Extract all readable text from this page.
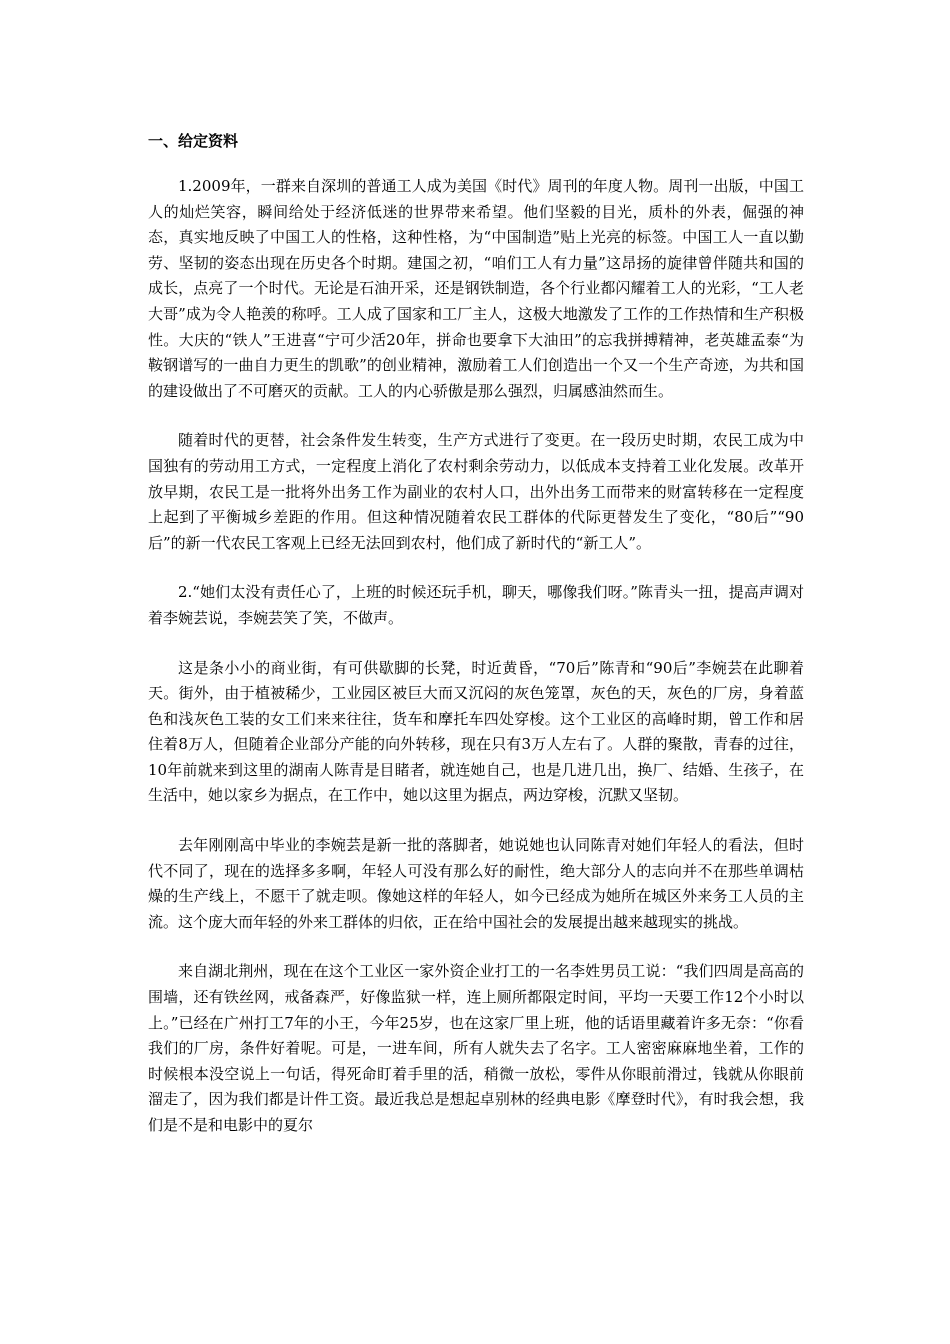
一、给定资料

1.2009年，一群来自深圳的普通工人成为美国《时代》周刊的年度人物。周刊一出版，中国工人的灿烂笑容，瞬间给处于经济低迷的世界带来希望。他们坚毅的目光，质朴的外表，倔强的神态，真实地反映了中国工人的性格，这种性格，为“中国制造”贴上光亮的标签。中国工人一直以勤劳、坚韧的姿态出现在历史各个时期。建国之初，“咱们工人有力量”这昂扬的旋律曾伴随共和国的成长，点亮了一个时代。无论是石油开采，还是钢铁制造，各个行业都闪耀着工人的光彩，“工人老大哥”成为令人艳羡的称呼。工人成了国家和工厂主人，这极大地激发了工作的工作热情和生产积极性。大庆的“铁人”王进喜“宁可少活20年，拼命也要拿下大油田”的忘我拼搏精神，老英雄孟泰“为鞍钢谱写的一曲自力更生的凯歌”的创业精神，激励着工人们创造出一个又一个生产奇迹，为共和国的建设做出了不可磨灭的贡献。工人的内心骄傲是那么强烈，归属感油然而生。

随着时代的更替，社会条件发生转变，生产方式进行了变更。在一段历史时期，农民工成为中国独有的劳动用工方式，一定程度上消化了农村剩余劳动力，以低成本支持着工业化发展。改革开放早期，农民工是一批将外出务工作为副业的农村人口，出外出务工而带来的财富转移在一定程度上起到了平衡城乡差距的作用。但这种情况随着农民工群体的代际更替发生了变化，“80后”“90后”的新一代农民工客观上已经无法回到农村，他们成了新时代的“新工人”。

2.“她们太没有责任心了，上班的时候还玩手机，聊天，哪像我们呀。”陈青头一扭，提高声调对着李婉芸说，李婉芸笑了笑，不做声。

这是条小小的商业街，有可供歇脚的长凳，时近黄昏，“70后”陈青和“90后”李婉芸在此聊着天。街外，由于植被稀少，工业园区被巨大而又沉闷的灰色笼罩，灰色的天，灰色的厂房，身着蓝色和浅灰色工装的女工们来来往往，货车和摩托车四处穿梭。这个工业区的高峰时期，曾工作和居住着8万人，但随着企业部分产能的向外转移，现在只有3万人左右了。人群的聚散，青春的过往，10年前就来到这里的湖南人陈青是目睹者，就连她自己，也是几进几出，换厂、结婚、生孩子，在生活中，她以家乡为据点，在工作中，她以这里为据点，两边穿梭，沉默又坚韧。

去年刚刚高中毕业的李婉芸是新一批的落脚者，她说她也认同陈青对她们年轻人的看法，但时代不同了，现在的选择多多啊，年轻人可没有那么好的耐性，绝大部分人的志向并不在那些单调枯燥的生产线上，不愿干了就走呗。像她这样的年轻人，如今已经成为她所在城区外来务工人员的主流。这个庞大而年轻的外来工群体的归依，正在给中国社会的发展提出越来越现实的挑战。

来自湖北荆州，现在在这个工业区一家外资企业打工的一名李姓男员工说：“我们四周是高高的围墙，还有铁丝网，戒备森严，好像监狱一样，连上厕所都限定时间，平均一天要工作12个小时以上。”已经在广州打工7年的小王，今年25岁，也在这家厂里上班，他的话语里藏着许多无奈：“你看我们的厂房，条件好着呢。可是，一进车间，所有人就失去了名字。工人密密麻麻地坐着，工作的时候根本没空说上一句话，得死命盯着手里的活，稍微一放松，零件从你眼前滑过，钱就从你眼前溜走了，因为我们都是计件工资。最近我总是想起卓别林的经典电影《摩登时代》，有时我会想，我们是不是和电影中的夏尔
